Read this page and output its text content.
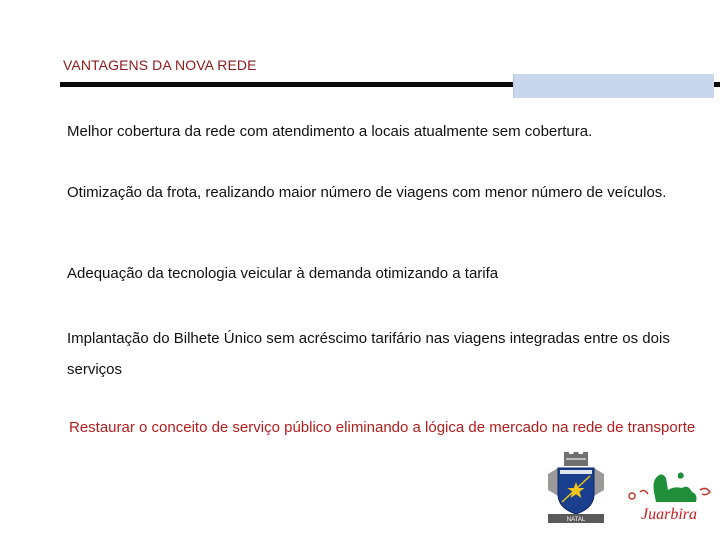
VANTAGENS DA NOVA REDE
Melhor cobertura da rede com atendimento a locais atualmente sem cobertura.
Otimização da frota, realizando maior número de viagens com menor número de veículos.
Adequação da tecnologia veicular à demanda otimizando a tarifa
Implantação do Bilhete Único sem acréscimo tarifário nas viagens integradas entre os dois serviços
Restaurar o conceito de serviço público eliminando a lógica de mercado na rede de transporte
NATAL	Juarbira
